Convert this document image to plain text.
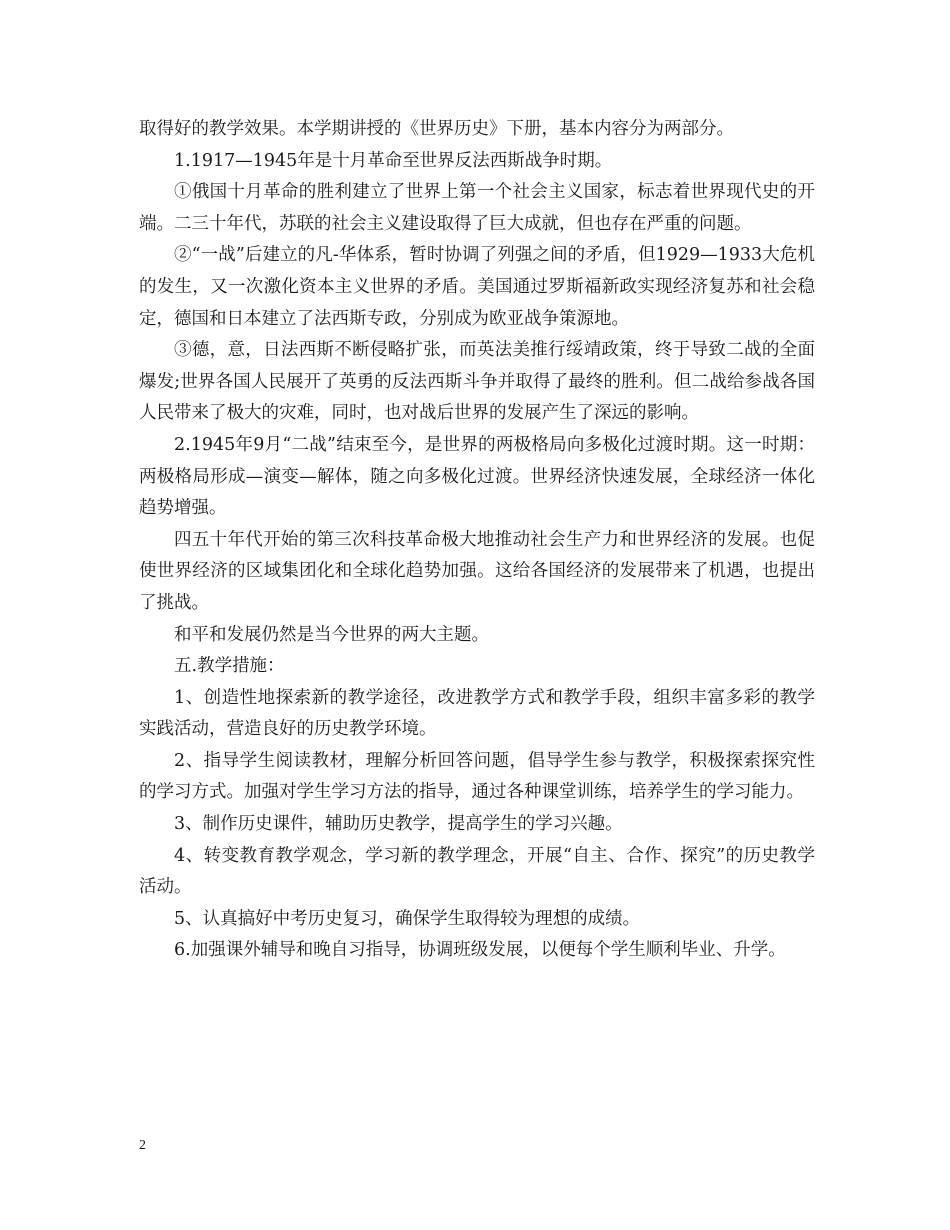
取得好的教学效果。本学期讲授的《世界历史》下册，基本内容分为两部分。

1.1917—1945年是十月革命至世界反法西斯战争时期。

①俄国十月革命的胜利建立了世界上第一个社会主义国家，标志着世界现代史的开端。二三十年代，苏联的社会主义建设取得了巨大成就，但也存在严重的问题。

②“一战”后建立的凡-华体系，暂时协调了列强之间的矛盾，但1929—1933大危机的发生，又一次激化资本主义世界的矛盾。美国通过罗斯福新政实现经济复苏和社会稳定，德国和日本建立了法西斯专政，分别成为欧亚战争策源地。

③德，意，日法西斯不断侵略扩张，而英法美推行绥靖政策，终于导致二战的全面爆发;世界各国人民展开了英勇的反法西斯斗争并取得了最终的胜利。但二战给参战各国人民带来了极大的灾难，同时，也对战后世界的发展产生了深远的影响。

2.1945年9月“二战”结束至今，是世界的两极格局向多极化过渡时期。这一时期：两极格局形成—演变—解体，随之向多极化过渡。世界经济快速发展，全球经济一体化趋势增强。

四五十年代开始的第三次科技革命极大地推动社会生产力和世界经济的发展。也促使世界经济的区域集团化和全球化趋势加强。这给各国经济的发展带来了机遇，也提出了挑战。

和平和发展仍然是当今世界的两大主题。

五.教学措施：

1、创造性地探索新的教学途径，改进教学方式和教学手段，组织丰富多彩的教学实践活动，营造良好的历史教学环境。

2、指导学生阅读教材，理解分析回答问题，倡导学生参与教学，积极探索探究性的学习方式。加强对学生学习方法的指导，通过各种课堂训练，培养学生的学习能力。

3、制作历史课件，辅助历史教学，提高学生的学习兴趣。

4、转变教育教学观念，学习新的教学理念，开展“自主、合作、探究”的历史教学活动。

5、认真搞好中考历史复习，确保学生取得较为理想的成绩。

6.加强课外辅导和晚自习指导，协调班级发展，以便每个学生顺利毕业、升学。

2
